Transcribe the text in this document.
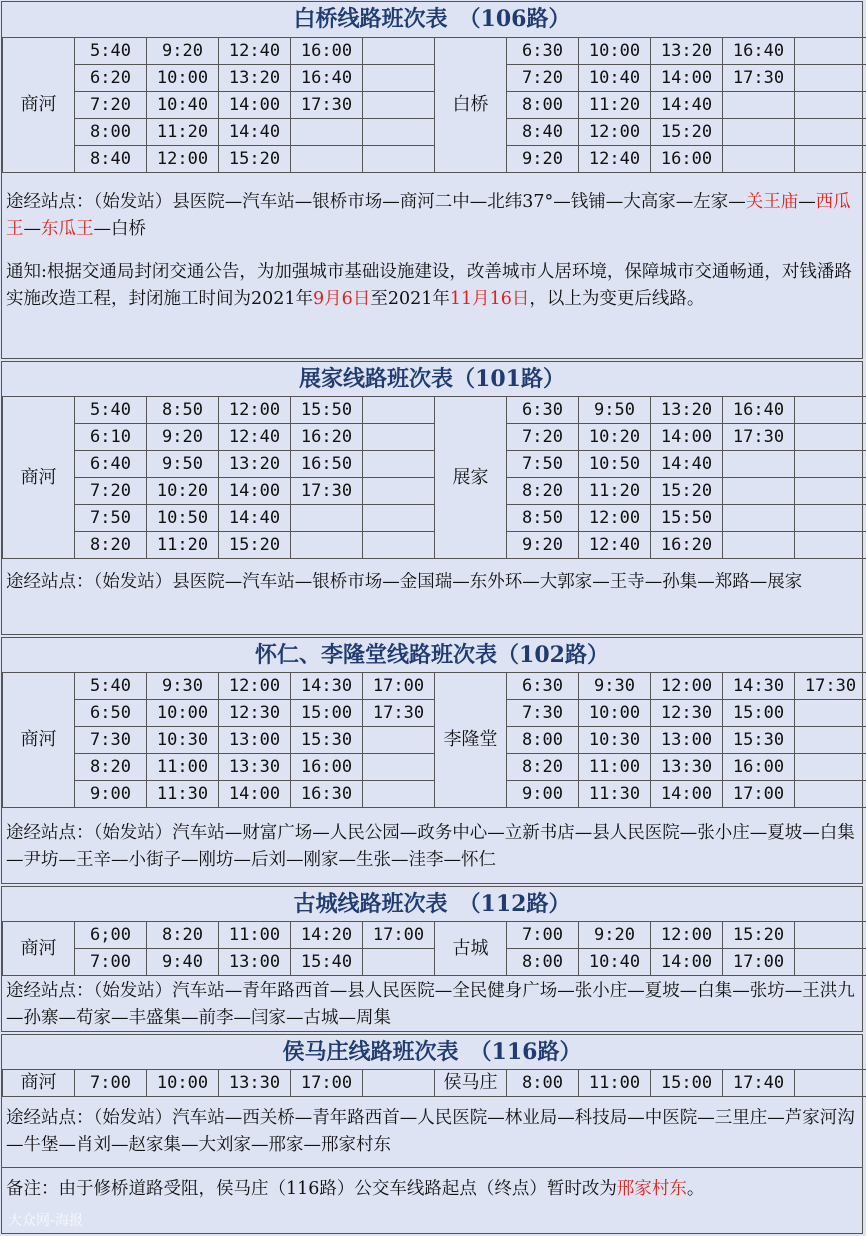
白桥线路班次表　（106路）
商河	5:40	9:20	12:40	16:00		白桥	6:30	10:00	13:20	16:40	
	6:20	10:00	13:20	16:40			7:20	10:40	14:00	17:30	
	7:20	10:40	14:00	17:30			8:00	11:20	14:40		
	8:00	11:20	14:40				8:40	12:00	15:20		
	8:40	12:00	15:20				9:20	12:40	16:00		
途经站点：（始发站）县医院—汽车站—银桥市场—商河二中—北纬37°—钱铺—大高家—左家—关王庙—西瓜王—东瓜王—白桥
通知:根据交通局封闭交通公告，为加强城市基础设施建设，改善城市人居环境，保障城市交通畅通，对钱潘路实施改造工程，封闭施工时间为2021年9月6日至2021年11月16日，以上为变更后线路。
展家线路班次表（101路）
商河	5:40	8:50	12:00	15:50		展家	6:30	9:50	13:20	16:40	
	6:10	9:20	12:40	16:20			7:20	10:20	14:00	17:30	
	6:40	9:50	13:20	16:50			7:50	10:50	14:40		
	7:20	10:20	14:00	17:30			8:20	11:20	15:20		
	7:50	10:50	14:40				8:50	12:00	15:50		
	8:20	11:20	15:20				9:20	12:40	16:20		
途经站点：（始发站）县医院—汽车站—银桥市场—金国瑞—东外环—大郭家—王寺—孙集—郑路—展家
怀仁、李隆堂线路班次表（102路）
商河	5:40	9:30	12:00	14:30	17:00	李隆堂	6:30	9:30	12:00	14:30	17:30
	6:50	10:00	12:30	15:00	17:30		7:30	10:00	12:30	15:00	
	7:30	10:30	13:00	15:30			8:00	10:30	13:00	15:30	
	8:20	11:00	13:30	16:00			8:20	11:00	13:30	16:00	
	9:00	11:30	14:00	16:30			9:00	11:30	14:00	17:00	
途经站点：（始发站）汽车站—财富广场—人民公园—政务中心—立新书店—县人民医院—张小庄—夏坡—白集—尹坊—王辛—小街子—刚坊—后刘—刚家—生张—洼李—怀仁
古城线路班次表　（112路）
商河	6;00	8:20	11:00	14:20	17:00	古城	7:00	9:20	12:00	15:20	
	7:00	9:40	13:00	15:40			8:00	10:40	14:00	17:00	
途经站点：（始发站）汽车站—青年路西首—县人民医院—全民健身广场—张小庄—夏坡—白集—张坊—王洪九—孙寨—苟家—丰盛集—前李—闫家—古城—周集
侯马庄线路班次表　（116路）
商河	7:00	10:00	13:30	17:00		侯马庄	8:00	11:00	15:00	17:40	
途经站点：（始发站）汽车站—西关桥—青年路西首—人民医院—林业局—科技局—中医院—三里庄—芦家河沟—牛堡—肖刘—赵家集—大刘家—邢家—邢家村东
备注：由于修桥道路受阻，侯马庄（116路）公交车线路起点（终点）暂时改为邢家村东。
大众网-海报
